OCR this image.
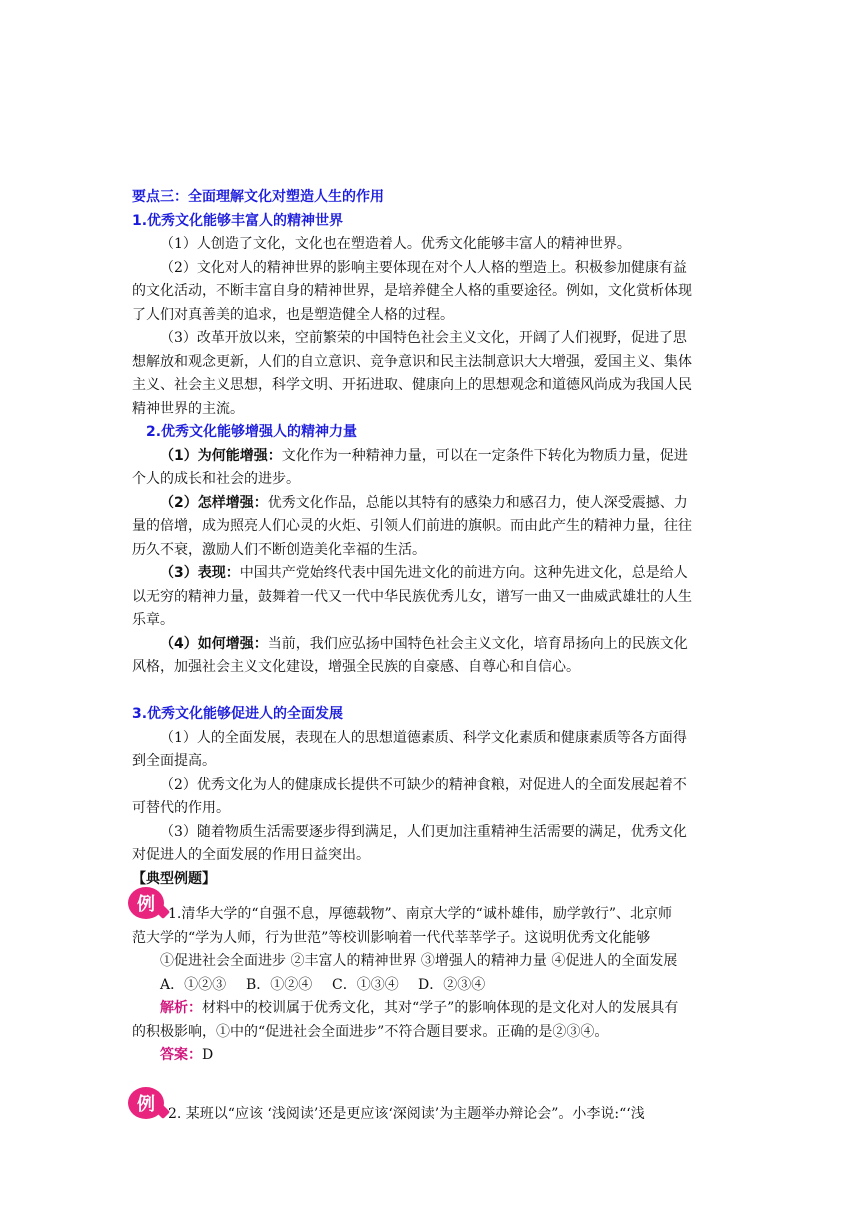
要点三：全面理解文化对塑造人生的作用
1.优秀文化能够丰富人的精神世界
（1）人创造了文化，文化也在塑造着人。优秀文化能够丰富人的精神世界。
（2）文化对人的精神世界的影响主要体现在对个人人格的塑造上。积极参加健康有益
的文化活动，不断丰富自身的精神世界，是培养健全人格的重要途径。例如，文化赏析体现
了人们对真善美的追求，也是塑造健全人格的过程。
（3）改革开放以来，空前繁荣的中国特色社会主义文化，开阔了人们视野，促进了思
想解放和观念更新，人们的自立意识、竞争意识和民主法制意识大大增强，爱国主义、集体
主义、社会主义思想，科学文明、开拓进取、健康向上的思想观念和道德风尚成为我国人民
精神世界的主流。
2.优秀文化能够增强人的精神力量
（1）为何能增强：文化作为一种精神力量，可以在一定条件下转化为物质力量，促进
个人的成长和社会的进步。
（2）怎样增强：优秀文化作品，总能以其特有的感染力和感召力，使人深受震撼、力
量的倍增，成为照亮人们心灵的火炬、引领人们前进的旗帜。而由此产生的精神力量，往往
历久不衰，激励人们不断创造美化幸福的生活。
（3）表现：中国共产党始终代表中国先进文化的前进方向。这种先进文化，总是给人
以无穷的精神力量，鼓舞着一代又一代中华民族优秀儿女，谱写一曲又一曲威武雄壮的人生
乐章。
（4）如何增强：当前，我们应弘扬中国特色社会主义文化，培育昂扬向上的民族文化
风格，加强社会主义文化建设，增强全民族的自豪感、自尊心和自信心。
3.优秀文化能够促进人的全面发展
（1）人的全面发展，表现在人的思想道德素质、科学文化素质和健康素质等各方面得
到全面提高。
（2）优秀文化为人的健康成长提供不可缺少的精神食粮，对促进人的全面发展起着不
可替代的作用。
（3）随着物质生活需要逐步得到满足，人们更加注重精神生活需要的满足，优秀文化
对促进人的全面发展的作用日益突出。
【典型例题】
例 1.清华大学的“自强不息，厚德载物”、南京大学的“诚朴雄伟，励学敦行”、北京师
范大学的“学为人师，行为世范”等校训影响着一代代莘莘学子。这说明优秀文化能够
①促进社会全面进步 ②丰富人的精神世界 ③增强人的精神力量 ④促进人的全面发展
A．①②③ B．①②④ C．①③④ D．②③④
解析：材料中的校训属于优秀文化，其对“学子”的影响体现的是文化对人的发展具有
的积极影响，①中的“促进社会全面进步”不符合题目要求。正确的是②③④。
答案：D
例 2. 某班以“应该 ‘浅阅读’还是更应该‘深阅读’为主题举办辩论会”。小李说:“‘浅
